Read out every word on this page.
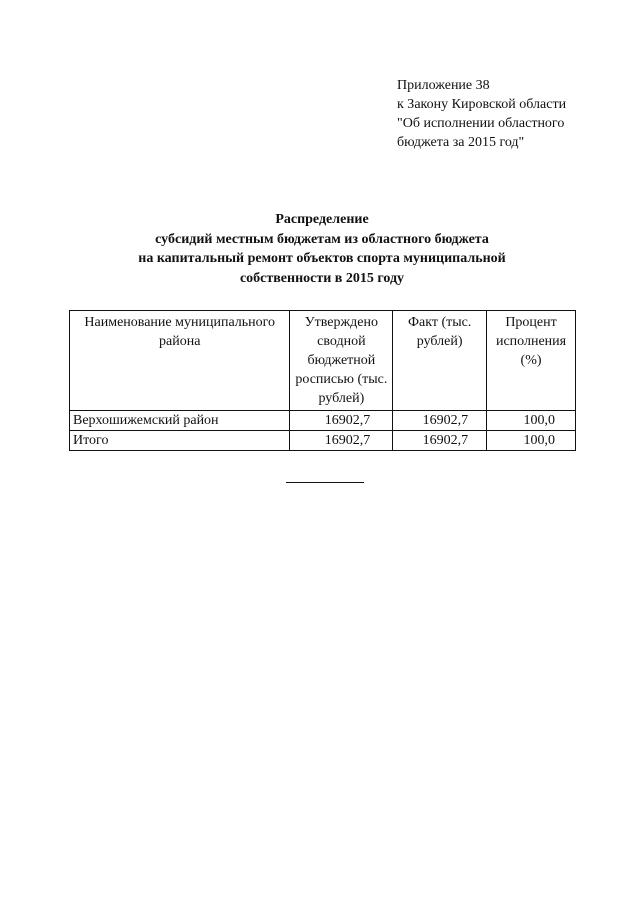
Приложение 38
к Закону Кировской области
"Об исполнении областного
бюджета за 2015 год"
Распределение
субсидий местным бюджетам из областного бюджета
на капитальный ремонт объектов спорта муниципальной
собственности в 2015 году
Наименование муниципального района	Утверждено сводной бюджетной росписью (тыс. рублей)	Факт (тыс. рублей)	Процент исполнения (%)
Верхошижемский район	16902,7	16902,7	100,0
Итого	16902,7	16902,7	100,0
